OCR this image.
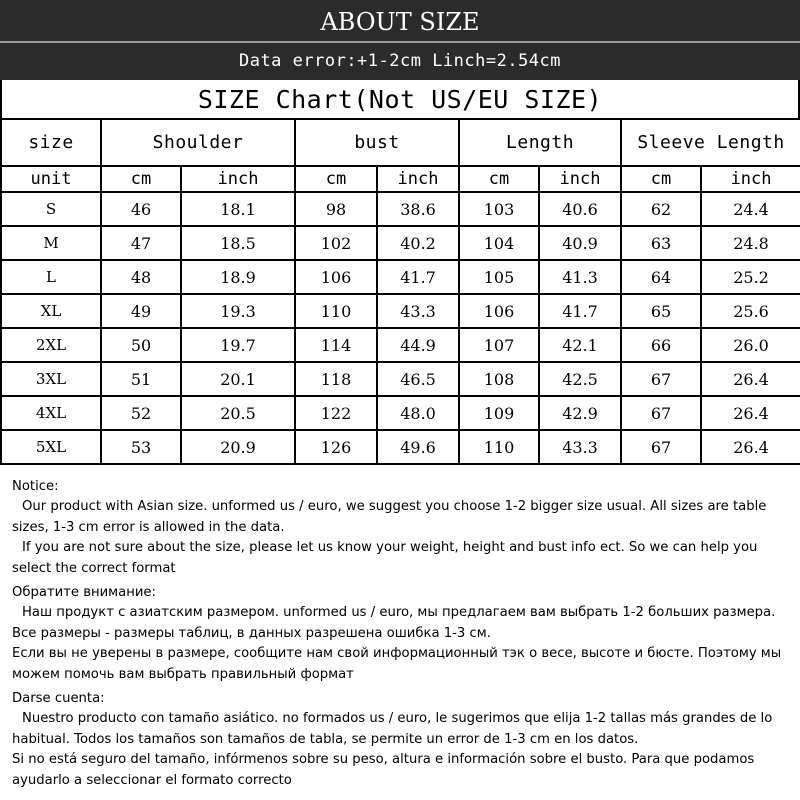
ABOUT SIZE
Data error:+1-2cm Linch=2.54cm
SIZE Chart(Not US/EU SIZE)
size	Shoulder		bust		Length		Sleeve Length	
unit	cm	inch	cm	inch	cm	inch	cm	inch
S	46	18.1	98	38.6	103	40.6	62	24.4
M	47	18.5	102	40.2	104	40.9	63	24.8
L	48	18.9	106	41.7	105	41.3	64	25.2
XL	49	19.3	110	43.3	106	41.7	65	25.6
2XL	50	19.7	114	44.9	107	42.1	66	26.0
3XL	51	20.1	118	46.5	108	42.5	67	26.4
4XL	52	20.5	122	48.0	109	42.9	67	26.4
5XL	53	20.9	126	49.6	110	43.3	67	26.4

Notice:

Our product with Asian size. unformed us / euro, we suggest you choose 1-2 bigger size usual. All sizes are table sizes, 1-3 cm error is allowed in the data.

If you are not sure about the size, please let us know your weight, height and bust info ect. So we can help you select the correct format

Обратите внимание:

Наш продукт с азиатским размером. unformed us / euro, мы предлагаем вам выбрать 1-2 больших размера.

Все размеры - размеры таблиц, в данных разрешена ошибка 1-3 см.

Если вы не уверены в размере, сообщите нам свой информационный тэк о весе, высоте и бюсте. Поэтому мы можем помочь вам выбрать правильный формат

Darse cuenta:

Nuestro producto con tamaño asiático. no formados us / euro, le sugerimos que elija 1-2 tallas más grandes de lo habitual. Todos los tamaños son tamaños de tabla, se permite un error de 1-3 cm en los datos.

Si no está seguro del tamaño, infórmenos sobre su peso, altura e información sobre el busto. Para que podamos ayudarlo a seleccionar el formato correcto
